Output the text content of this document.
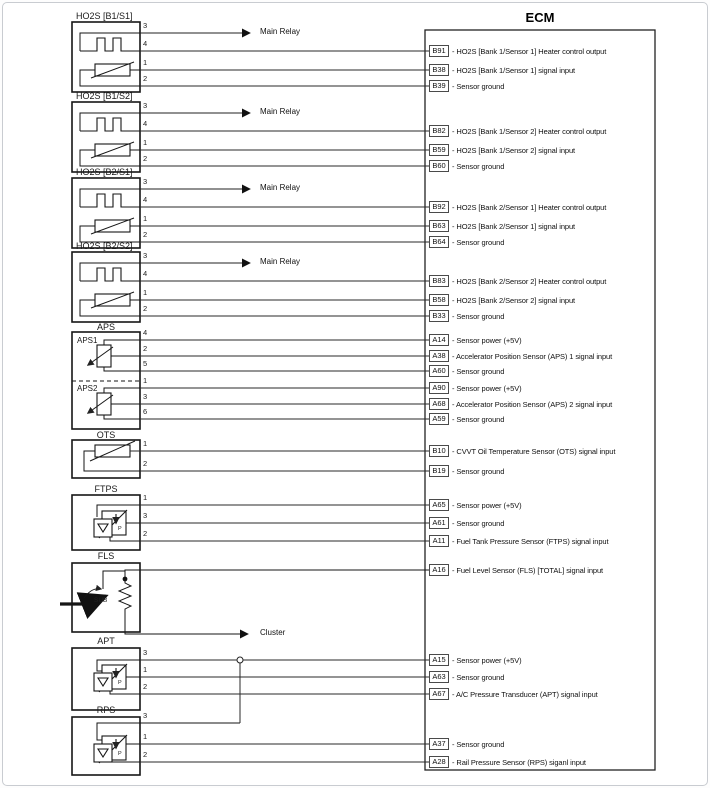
P
ECM
B91 - HO2S [Bank 1/Sensor 1] Heater control output
B38 - HO2S [Bank 1/Sensor 1] signal input
B39 - Sensor ground
B82 - HO2S [Bank 1/Sensor 2] Heater control output
B59 - HO2S [Bank 1/Sensor 2] signal input
B60 - Sensor ground
B92 - HO2S [Bank 2/Sensor 1] Heater control output
B63 - HO2S [Bank 2/Sensor 1] signal input
B64 - Sensor ground
B83 - HO2S [Bank 2/Sensor 2] Heater control output
B58 - HO2S [Bank 2/Sensor 2] signal input
B33 - Sensor ground
A14 - Sensor power (+5V)
A38 - Accelerator Position Sensor (APS) 1 signal input
A60 - Sensor ground
A90 - Sensor power (+5V)
A68 - Accelerator Position Sensor (APS) 2 signal input
A59 - Sensor ground
B10 - CVVT Oil Temperature Sensor (OTS) signal input
B19 - Sensor ground
A65 - Sensor power (+5V)
A61 - Sensor ground
A11 - Fuel Tank Pressure Sensor (FTPS) signal input
A16 - Fuel Level Sensor (FLS) [TOTAL] signal input
A15 - Sensor power (+5V)
A63 - Sensor ground
A67 - A/C Pressure Transducer (APT) signal input
A37 - Sensor ground
A28 - Rail Pressure Sensor (RPS) siganl input
HO2S [B1/S1]
HO2S [B1/S2]
HO2S [B2/S1]
HO2S [B2/S2]
APS
OTS
FTPS
FLS
APT
RPS
APS1
APS2
SUB
Main Relay
Main Relay
Main Relay
Main Relay
Cluster
3
4
1
2
3
4
1
2
3
4
1
2
3
4
1
2
4
2
5
1
3
6
1
2
1
3
2
3
1
2
3
1
2
